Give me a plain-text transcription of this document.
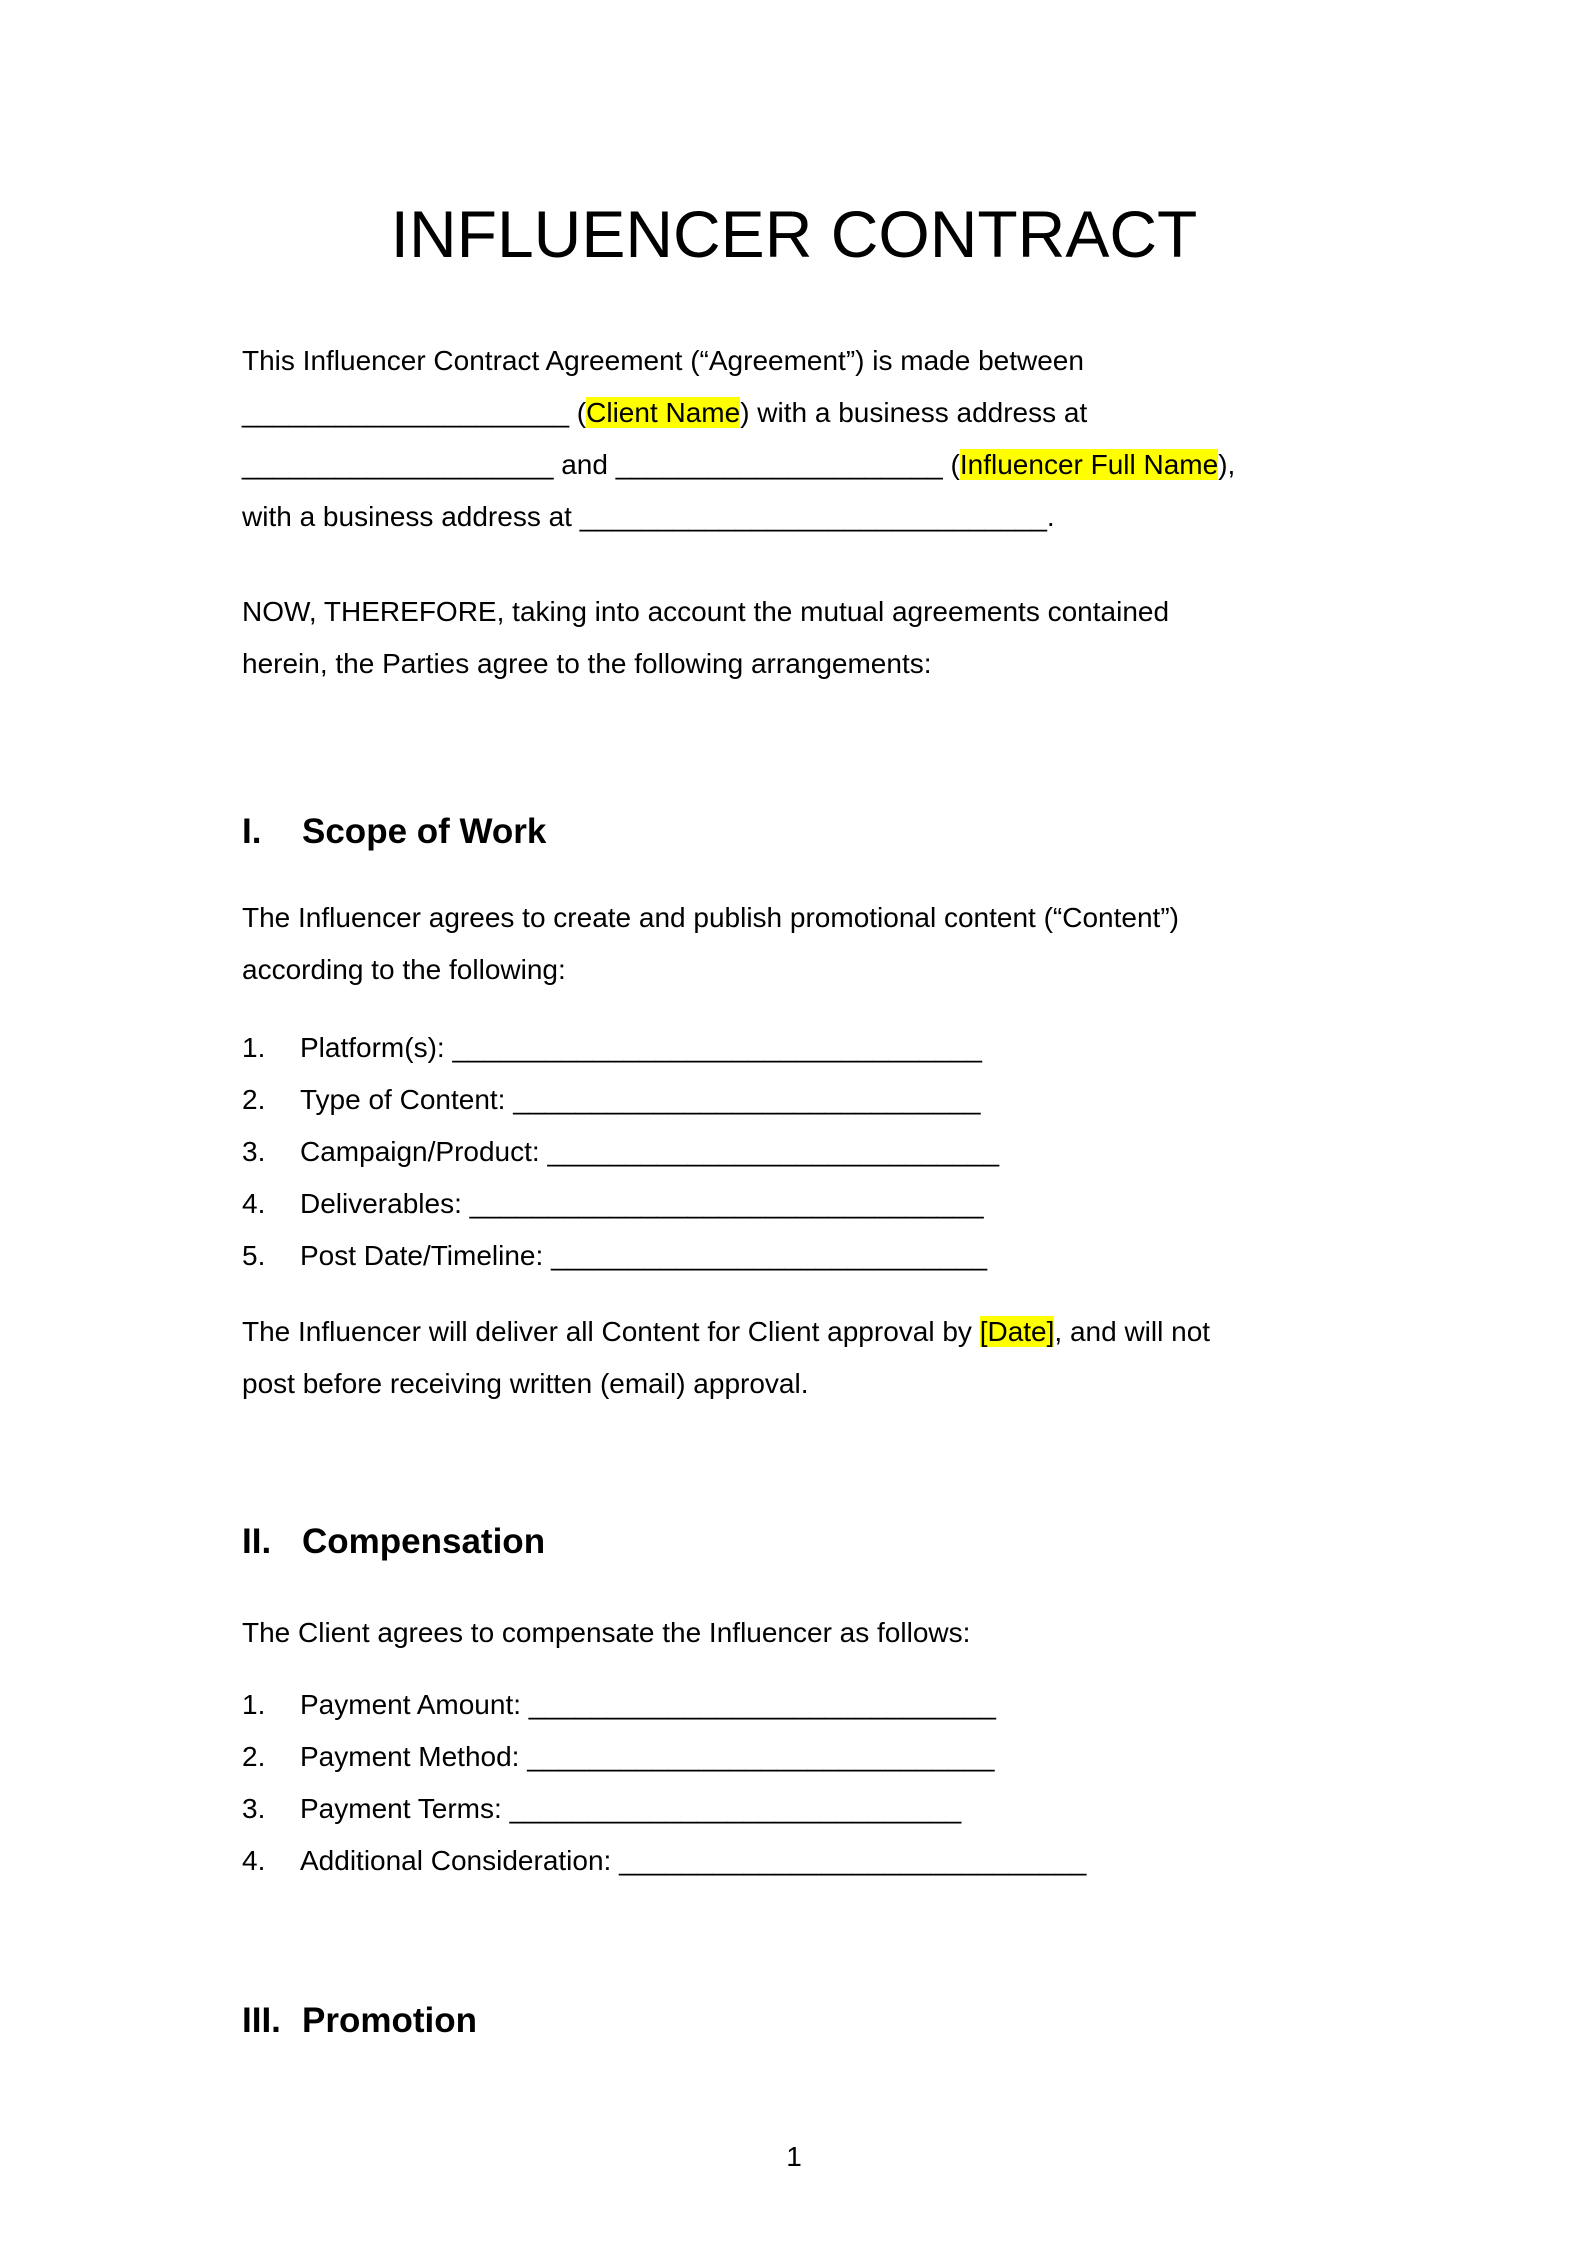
INFLUENCER CONTRACT

This Influencer Contract Agreement (“Agreement”) is made between
_____________________ (Client Name) with a business address at
____________________ and _____________________ (Influencer Full Name),
with a business address at ______________________________.

NOW, THEREFORE, taking into account the mutual agreements contained
herein, the Parties agree to the following arrangements:

I. Scope of Work

The Influencer agrees to create and publish promotional content (“Content”)
according to the following:

1. Platform(s): __________________________________
2. Type of Content: ______________________________
3. Campaign/Product: _____________________________
4. Deliverables: _________________________________
5. Post Date/Timeline: ____________________________

The Influencer will deliver all Content for Client approval by [Date], and will not
post before receiving written (email) approval.

II. Compensation

The Client agrees to compensate the Influencer as follows:

1. Payment Amount: ______________________________
2. Payment Method: ______________________________
3. Payment Terms: _____________________________
4. Additional Consideration: ______________________________
III. Promotion
1
